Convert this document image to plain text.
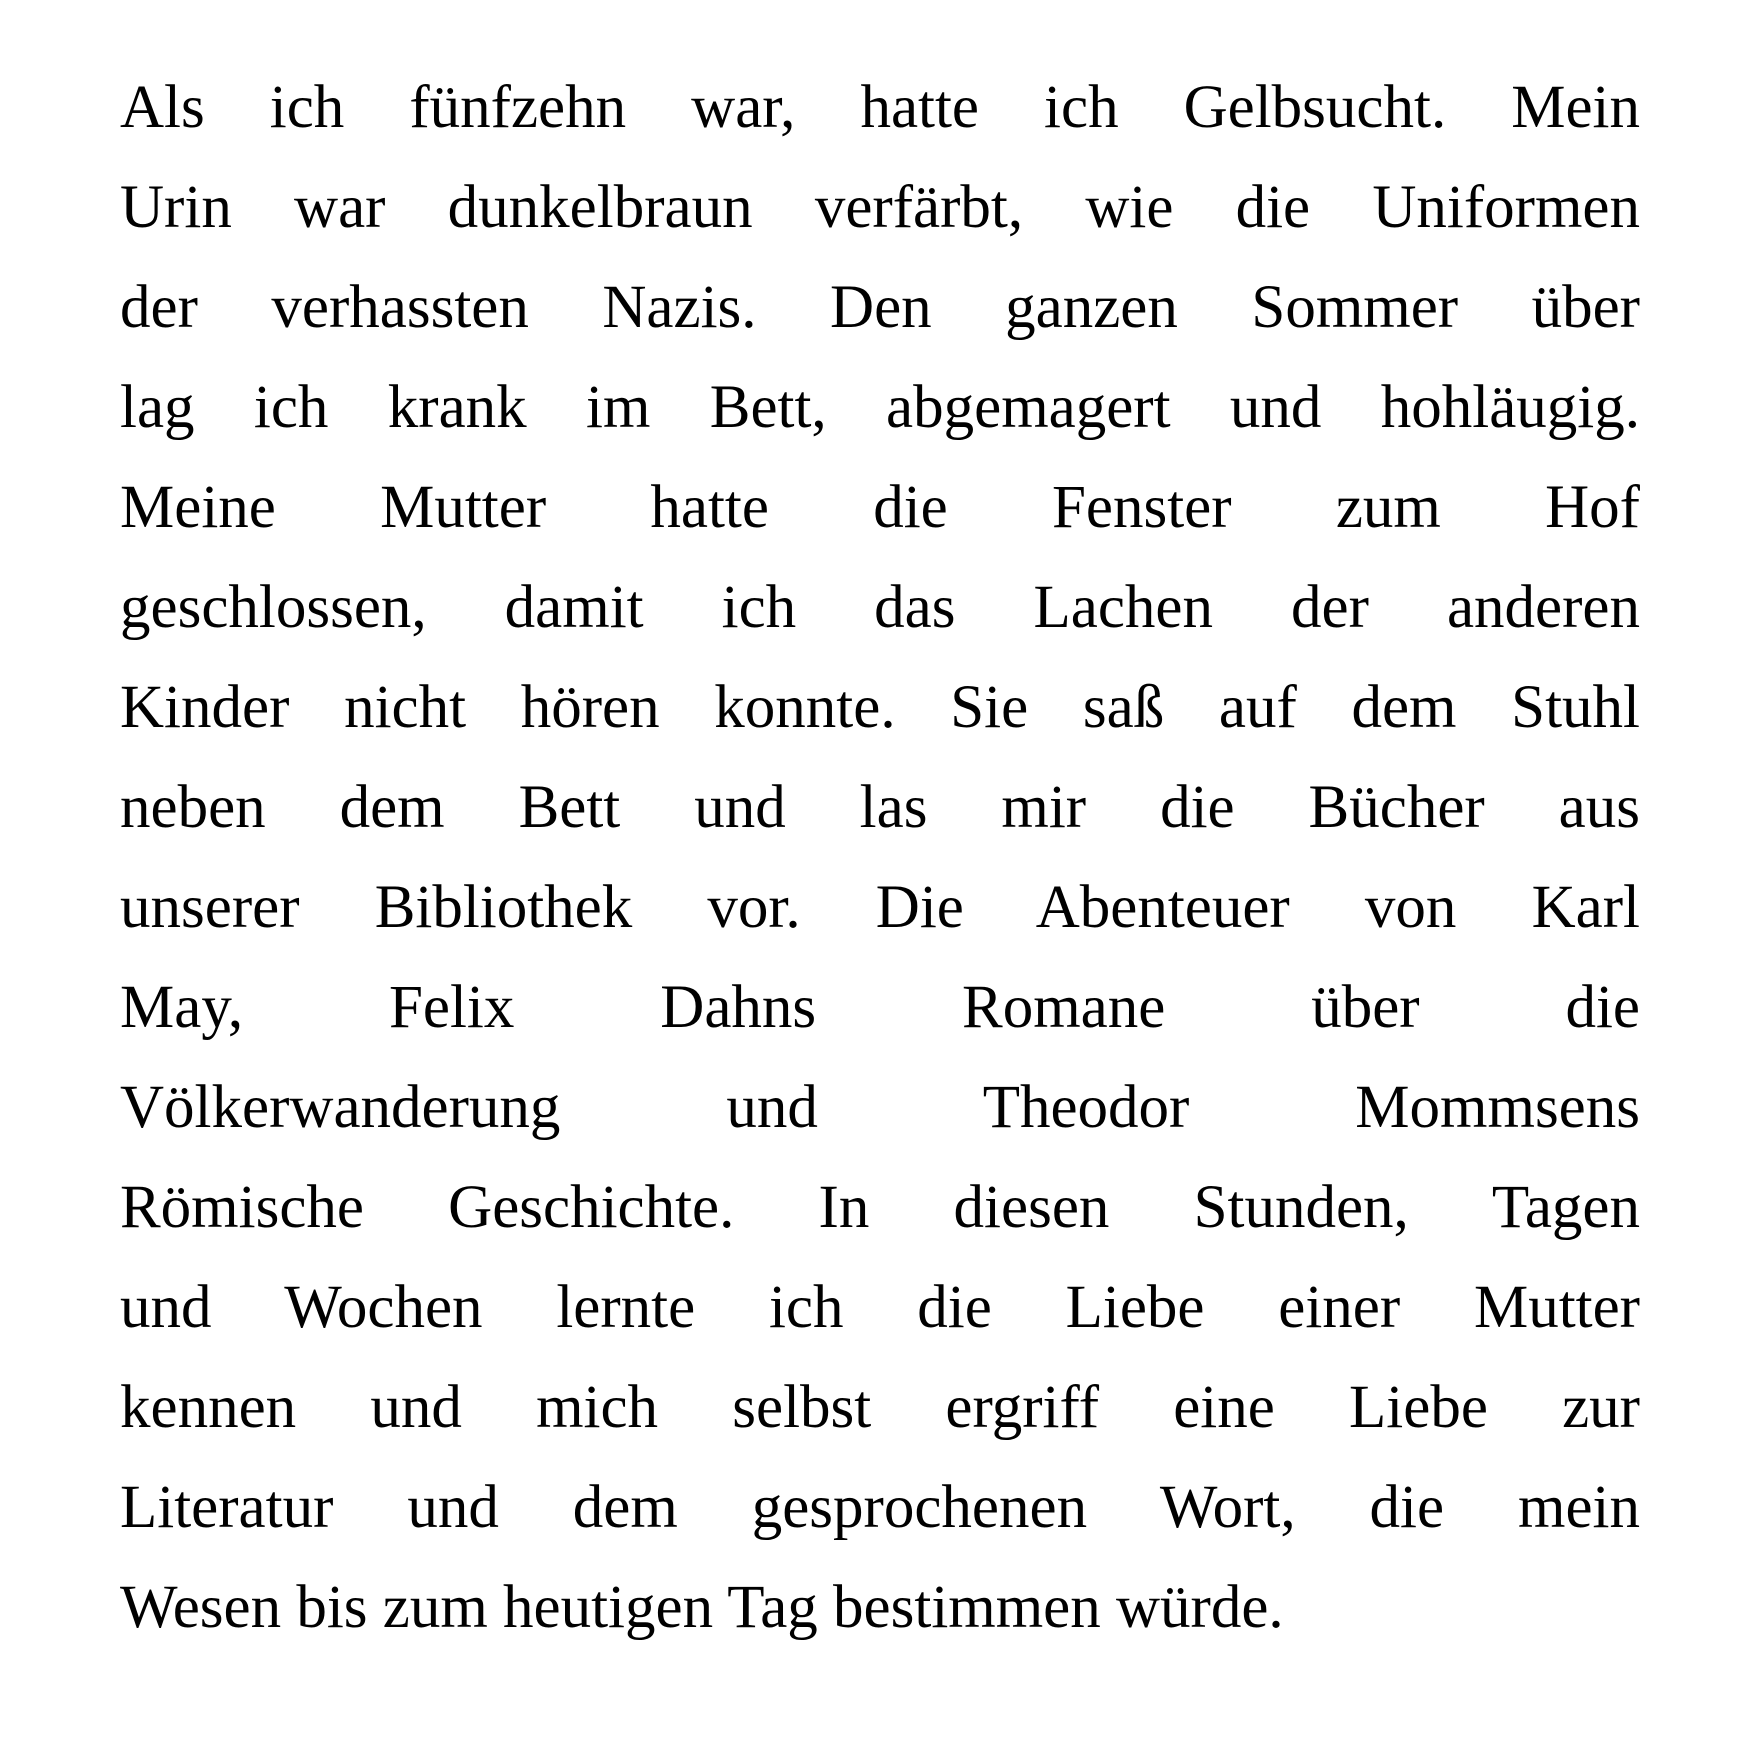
Als ich fünfzehn war, hatte ich Gelbsucht. Mein
Urin war dunkelbraun verfärbt, wie die Uniformen
der verhassten Nazis. Den ganzen Sommer über
lag ich krank im Bett, abgemagert und hohläugig.
Meine Mutter hatte die Fenster zum Hof
geschlossen, damit ich das Lachen der anderen
Kinder nicht hören konnte. Sie saß auf dem Stuhl
neben dem Bett und las mir die Bücher aus
unserer Bibliothek vor. Die Abenteuer von Karl
May, Felix Dahns Romane über die
Völkerwanderung und Theodor Mommsens
Römische Geschichte. In diesen Stunden, Tagen
und Wochen lernte ich die Liebe einer Mutter
kennen und mich selbst ergriff eine Liebe zur
Literatur und dem gesprochenen Wort, die mein
Wesen bis zum heutigen Tag bestimmen würde.
